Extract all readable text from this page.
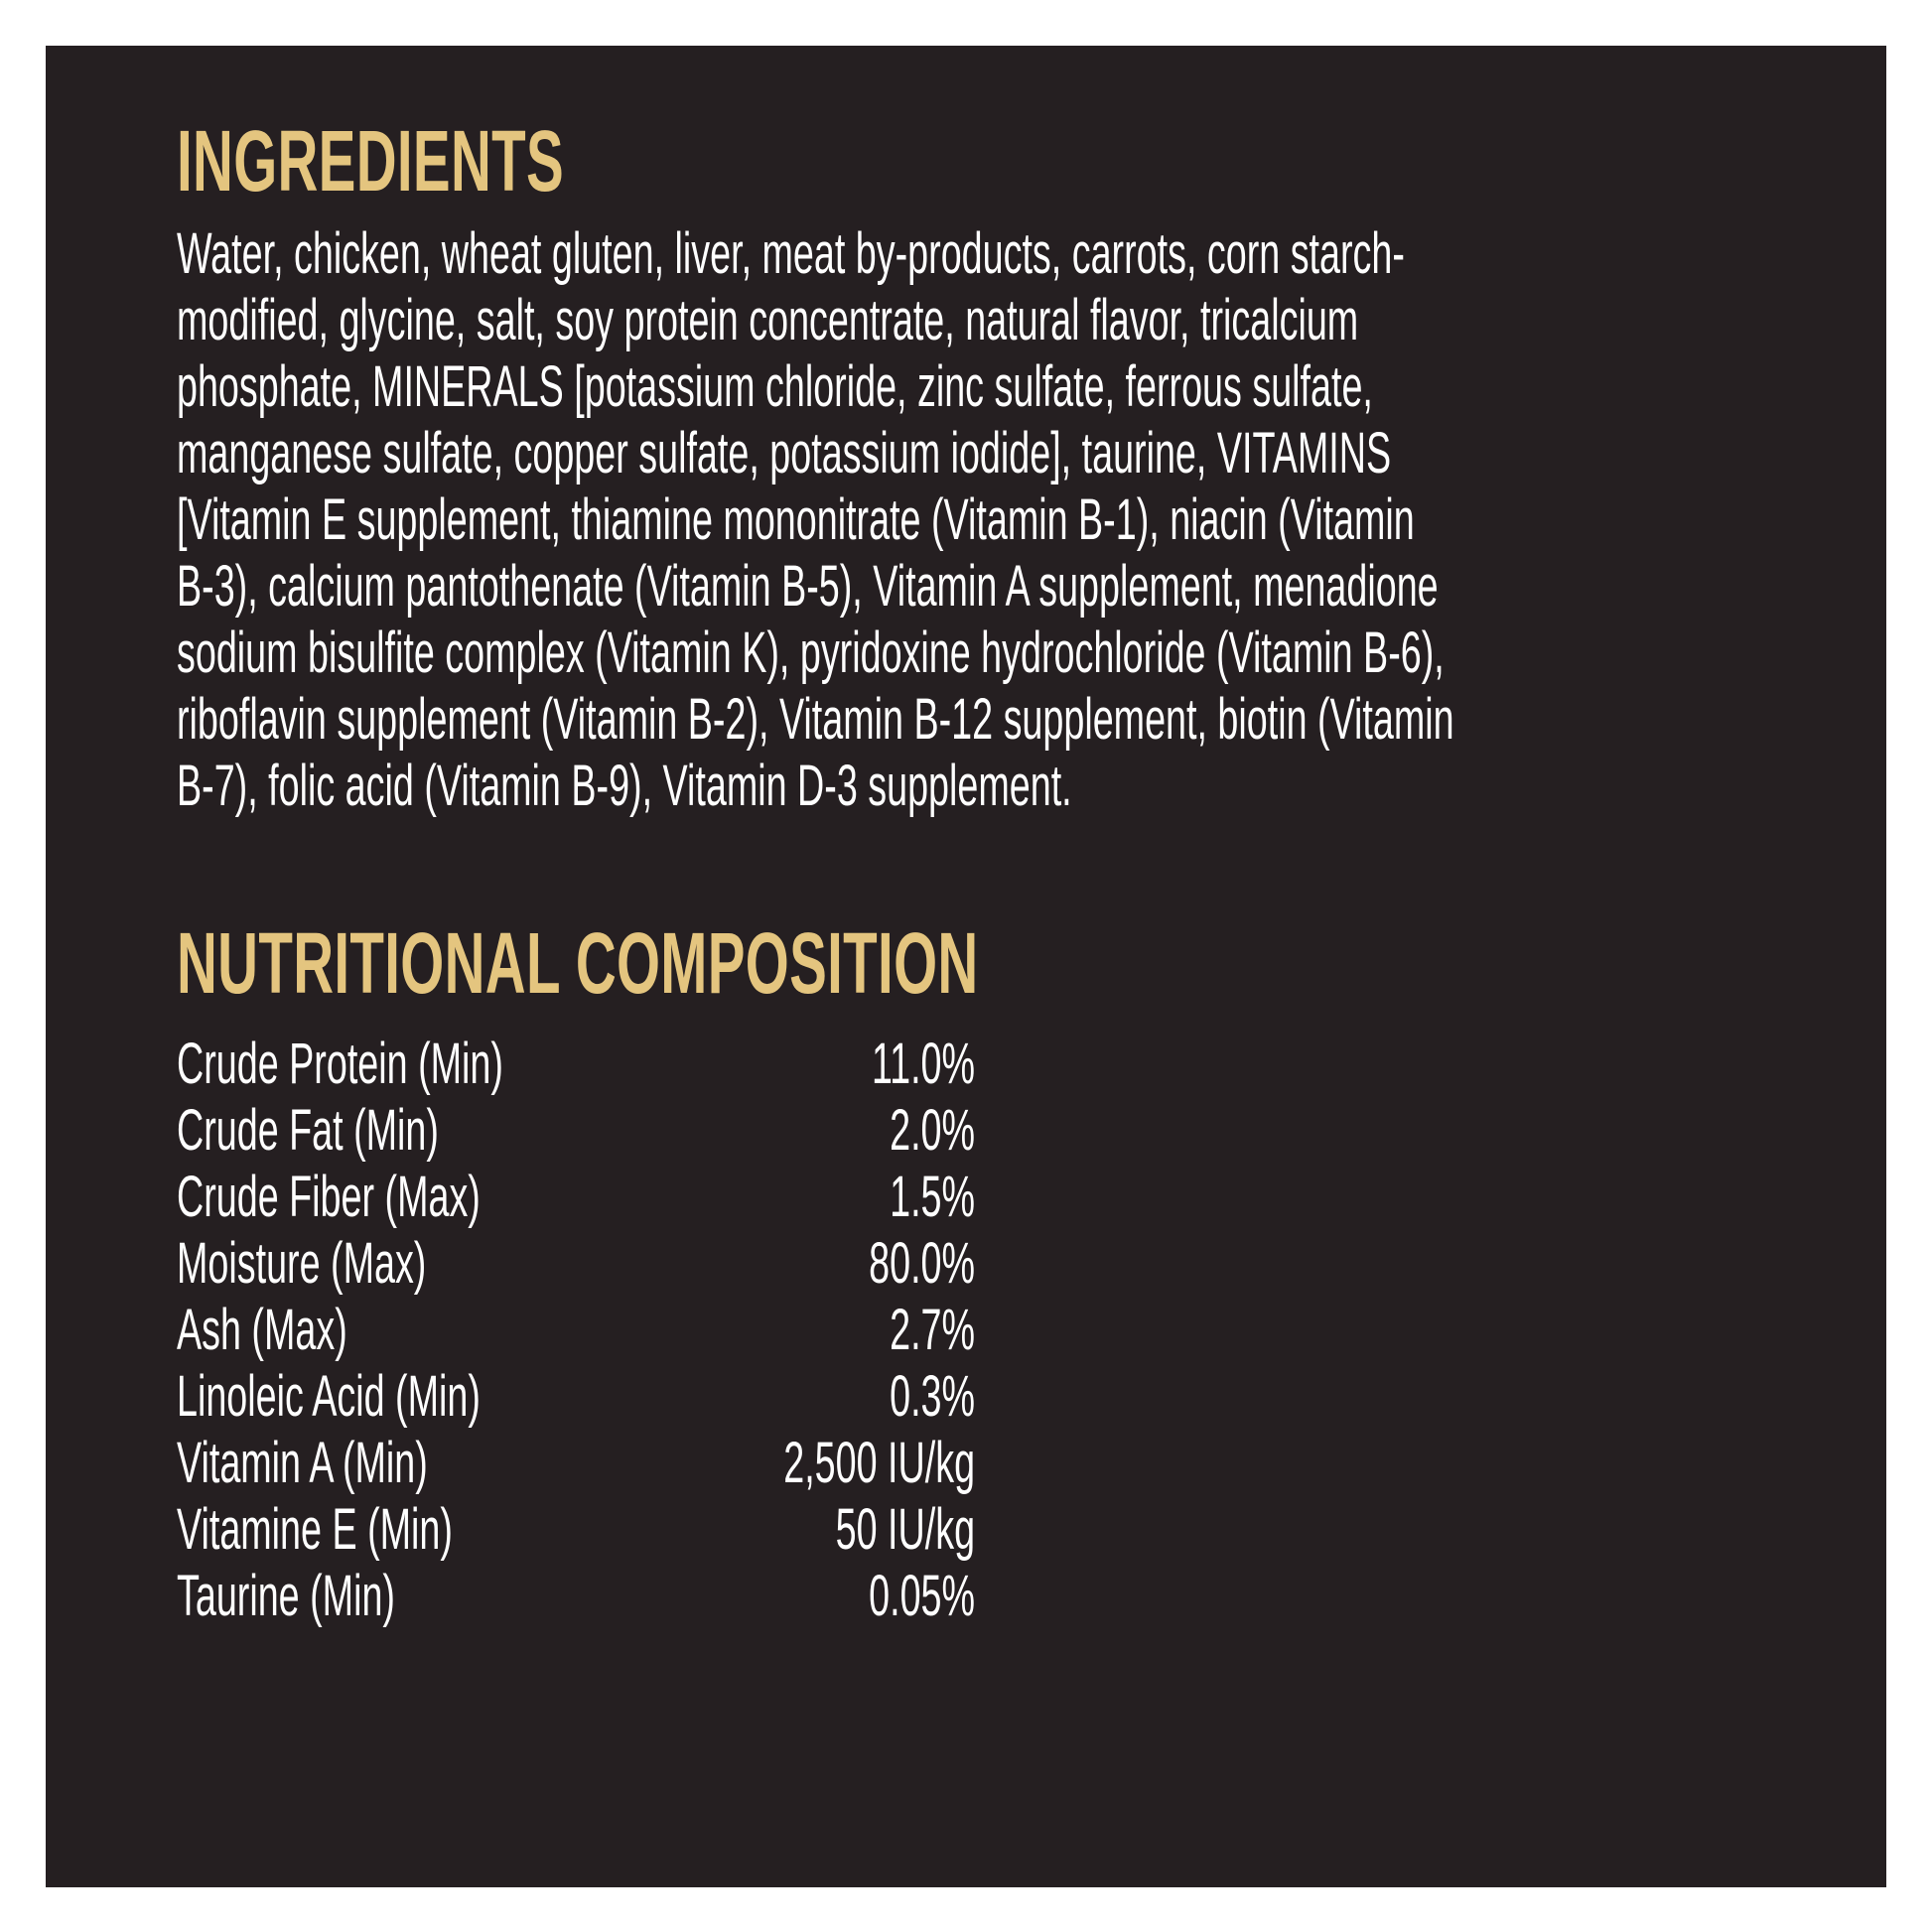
INGREDIENTS
Water, chicken, wheat gluten, liver, meat by-products, carrots, corn starch-
modified, glycine, salt, soy protein concentrate, natural flavor, tricalcium
phosphate, MINERALS [potassium chloride, zinc sulfate, ferrous sulfate,
manganese sulfate, copper sulfate, potassium iodide], taurine, VITAMINS
[Vitamin E supplement, thiamine mononitrate (Vitamin B-1), niacin (Vitamin
B-3), calcium pantothenate (Vitamin B-5), Vitamin A supplement, menadione
sodium bisulfite complex (Vitamin K), pyridoxine hydrochloride (Vitamin B-6),
riboflavin supplement (Vitamin B-2), Vitamin B-12 supplement, biotin (Vitamin
B-7), folic acid (Vitamin B-9), Vitamin D-3 supplement.
NUTRITIONAL COMPOSITION
Crude Protein (Min)	11.0%
Crude Fat (Min)	2.0%
Crude Fiber (Max)	1.5%
Moisture (Max)	80.0%
Ash (Max)	2.7%
Linoleic Acid (Min)	0.3%
Vitamin A (Min)	2,500 IU/kg
Vitamine E (Min)	50 IU/kg
Taurine (Min)	0.05%
